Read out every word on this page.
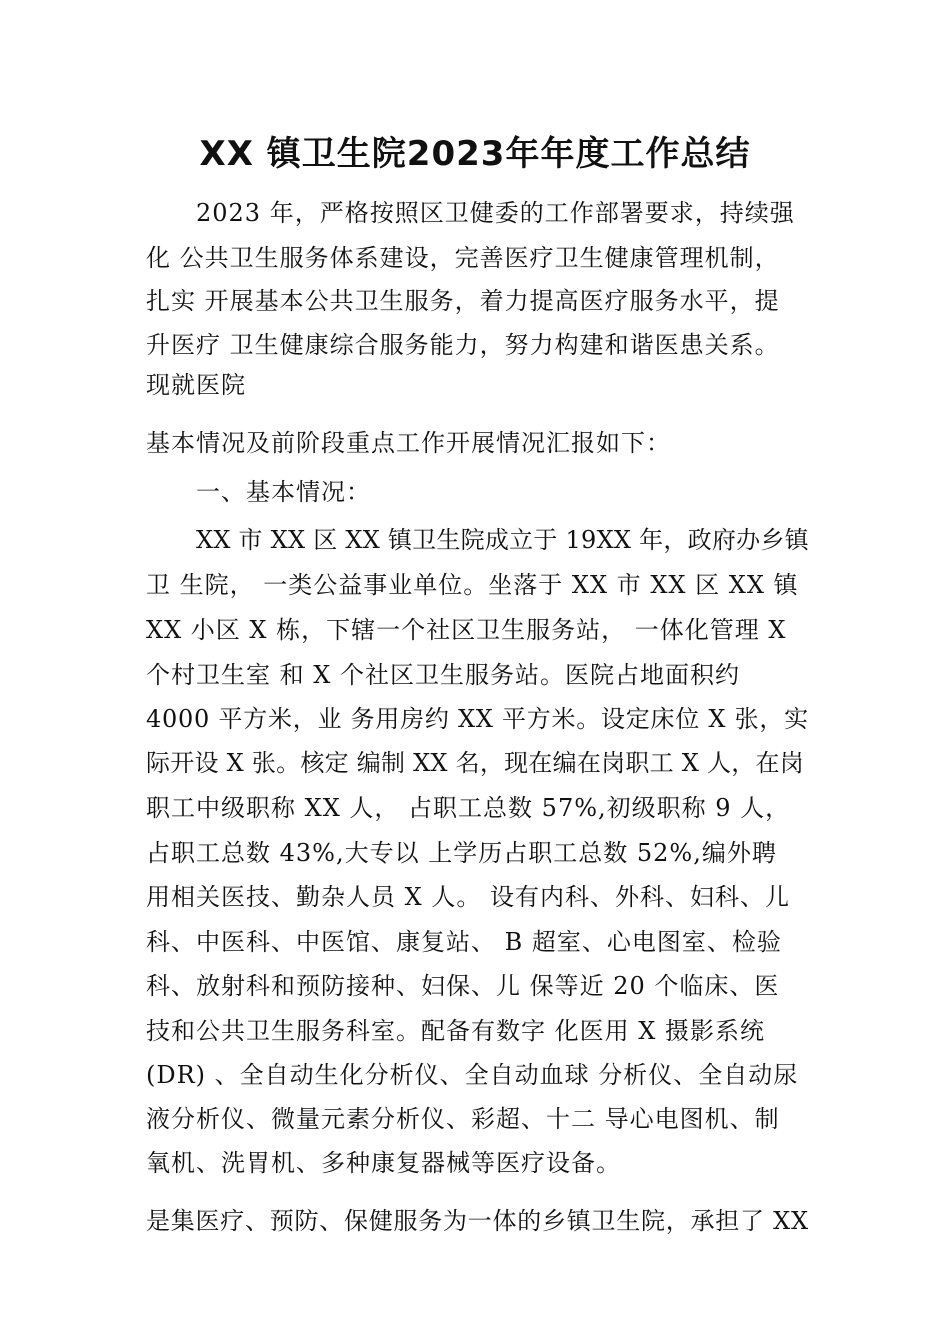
XX 镇卫生院2023年年度工作总结
2023 年，严格按照区卫健委的工作部署要求，持续强
化 公共卫生服务体系建设，完善医疗卫生健康管理机制，
扎实 开展基本公共卫生服务，着力提高医疗服务水平，提
升医疗 卫生健康综合服务能力，努力构建和谐医患关系。
现就医院
基本情况及前阶段重点工作开展情况汇报如下：
一、基本情况：
XX 市 XX 区 XX 镇卫生院成立于 19XX 年，政府办乡镇
卫 生院， 一类公益事业单位。坐落于 XX 市 XX 区 XX 镇
XX 小区 X 栋，下辖一个社区卫生服务站， 一体化管理 X
个村卫生室 和 X 个社区卫生服务站。医院占地面积约
4000 平方米，业 务用房约 XX 平方米。设定床位 X 张，实
际开设 X 张。核定 编制 XX 名，现在编在岗职工 X 人，在岗
职工中级职称 XX 人， 占职工总数 57%,初级职称 9 人，
占职工总数 43%,大专以 上学历占职工总数 52%,编外聘
用相关医技、勤杂人员 X 人。 设有内科、外科、妇科、儿
科、中医科、中医馆、康复站、 B 超室、心电图室、检验
科、放射科和预防接种、妇保、儿 保等近 20 个临床、医
技和公共卫生服务科室。配备有数字 化医用 X 摄影系统
(DR) 、全自动生化分析仪、全自动血球 分析仪、全自动尿
液分析仪、微量元素分析仪、彩超、十二 导心电图机、制
氧机、洗胃机、多种康复器械等医疗设备。
是集医疗、预防、保健服务为一体的乡镇卫生院，承担了 XX
